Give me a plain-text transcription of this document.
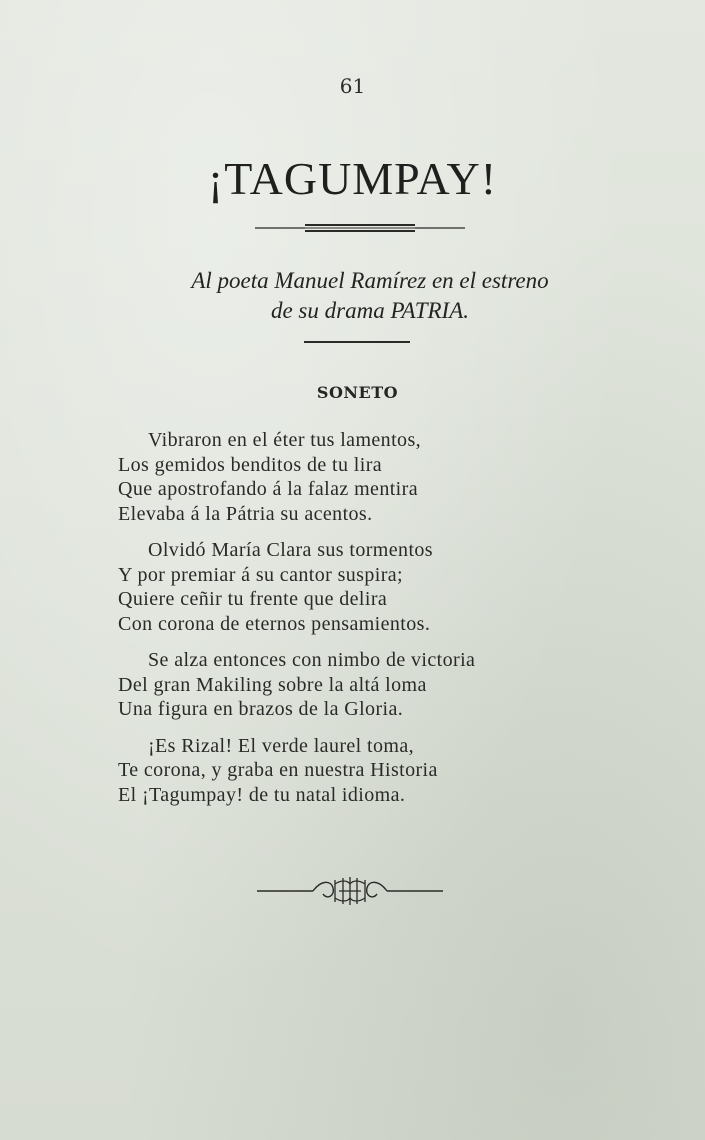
61
¡TAGUMPAY!
Al poeta Manuel Ramírez en el estreno
de su drama PATRIA.
SONETO
Vibraron en el éter tus lamentos,
Los gemidos benditos de tu lira
Que apostrofando á la falaz mentira
Elevaba á la Pátria su acentos.
Olvidó María Clara sus tormentos
Y por premiar á su cantor suspira;
Quiere ceñir tu frente que delira
Con corona de eternos pensamientos.
Se alza entonces con nimbo de victoria
Del gran Makiling sobre la altá loma
Una figura en brazos de la Gloria.
¡Es Rizal! El verde laurel toma,
Te corona, y graba en nuestra Historia
El ¡Tagumpay! de tu natal idioma.
